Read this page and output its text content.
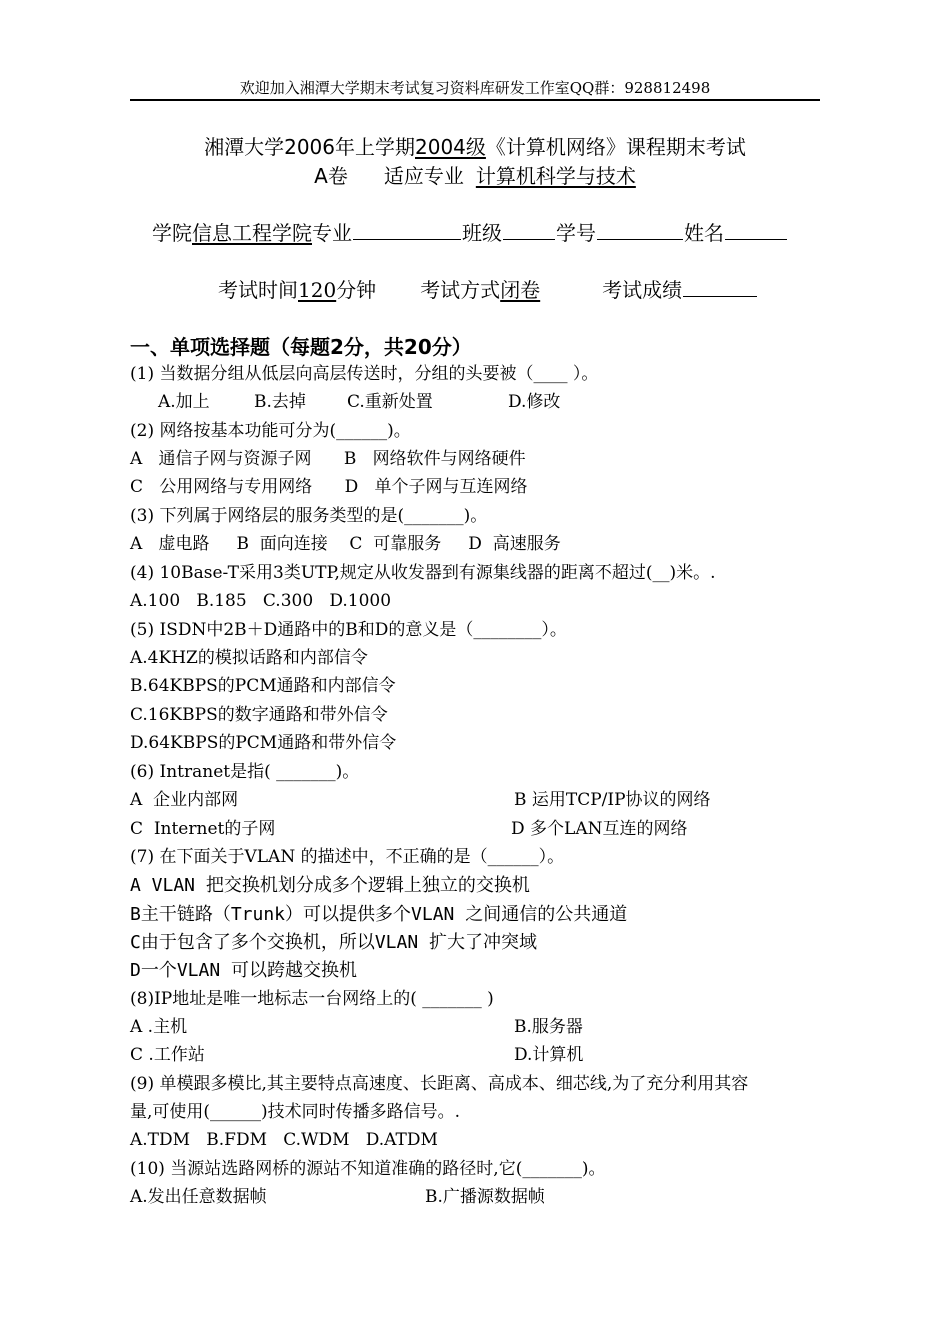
欢迎加入湘潭大学期末考试复习资料库研发工作室QQ群：928812498
湘潭大学2006年上学期2004级《计算机网络》课程期末考试
A卷 适应专业 计算机科学与技术
学院信息工程学院专业	班级	学号	姓名
考试时间120分钟 考试方式闭卷	考试成绩
一、单项选择题（每题2分，共20分）
(1) 当数据分组从低层向高层传送时，分组的头要被（____ ）。
A.加上	B.去掉 C.重新处置	D.修改
(2) 网络按基本功能可分为(______)。
A   通信子网与资源子网      B   网络软件与网络硬件
C   公用网络与专用网络      D   单个子网与互连网络
(3) 下列属于网络层的服务类型的是(_______)。
A   虚电路     B  面向连接    C  可靠服务     D  高速服务
(4) 10Base-T采用3类UTP,规定从收发器到有源集线器的距离不超过(__)米。.
A.100   B.185   C.300   D.1000
(5) ISDN中2B＋D通路中的B和D的意义是（________）。
A.4KHZ的模拟话路和内部信令
B.64KBPS的PCM通路和内部信令
C.16KBPS的数字通路和带外信令
D.64KBPS的PCM通路和带外信令
(6) Intranet是指( _______)。
A  企业内部网	B 运用TCP/IP协议的网络
C  Internet的子网	D 多个LAN互连的网络
(7) 在下面关于VLAN 的描述中，不正确的是（______）。
A VLAN 把交换机划分成多个逻辑上独立的交换机
B主干链路（Trunk）可以提供多个VLAN 之间通信的公共通道
C由于包含了多个交换机，所以VLAN 扩大了冲突域
D一个VLAN 可以跨越交换机
(8)IP地址是唯一地标志一台网络上的( _______ )
A .主机	B.服务器
C .工作站	D.计算机
(9) 单模跟多模比,其主要特点高速度、长距离、高成本、细芯线,为了充分利用其容
量,可使用(______)技术同时传播多路信号。.
A.TDM   B.FDM   C.WDM   D.ATDM
(10) 当源站选路网桥的源站不知道准确的路径时,它(_______)。
A.发出任意数据帧	B.广播源数据帧
